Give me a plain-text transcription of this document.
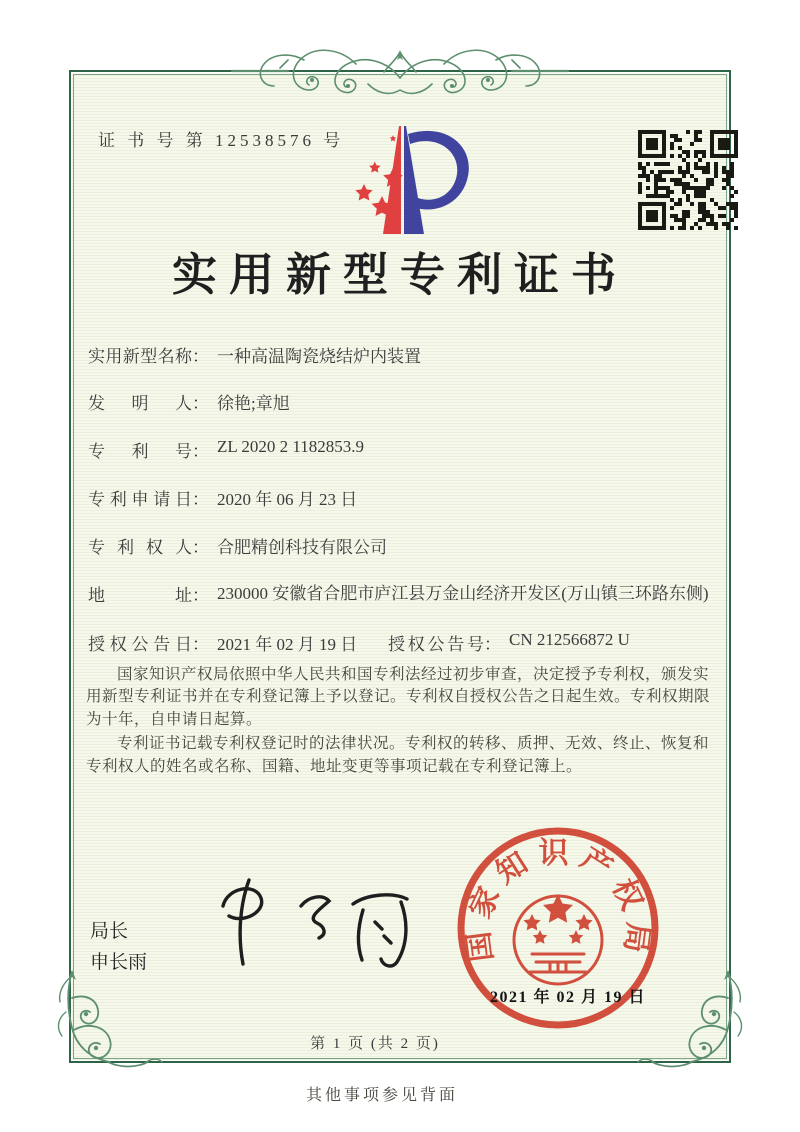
证 书 号 第 12538576 号
实用新型专利证书
实用新型名称： 一种高温陶瓷烧结炉内装置
发明人： 徐艳;章旭
专利号： ZL 2020 2 1182853.9
专利申请日： 2020 年 06 月 23 日
专利权人： 合肥精创科技有限公司
地址： 230000 安徽省合肥市庐江县万金山经济开发区(万山镇三环路东侧)
授权公告日： 2021 年 02 月 19 日 授权公告号： CN 212566872 U

国家知识产权局依照中华人民共和国专利法经过初步审查，决定授予专利权，颁发实用新型专利证书并在专利登记簿上予以登记。专利权自授权公告之日起生效。专利权期限为十年，自申请日起算。

专利证书记载专利权登记时的法律状况。专利权的转移、质押、无效、终止、恢复和专利权人的姓名或名称、国籍、地址变更等事项记载在专利登记簿上。

局长
申长雨	国家知识产权局
2021 年 02 月 19 日
第 1 页 (共 2 页)
其他事项参见背面
